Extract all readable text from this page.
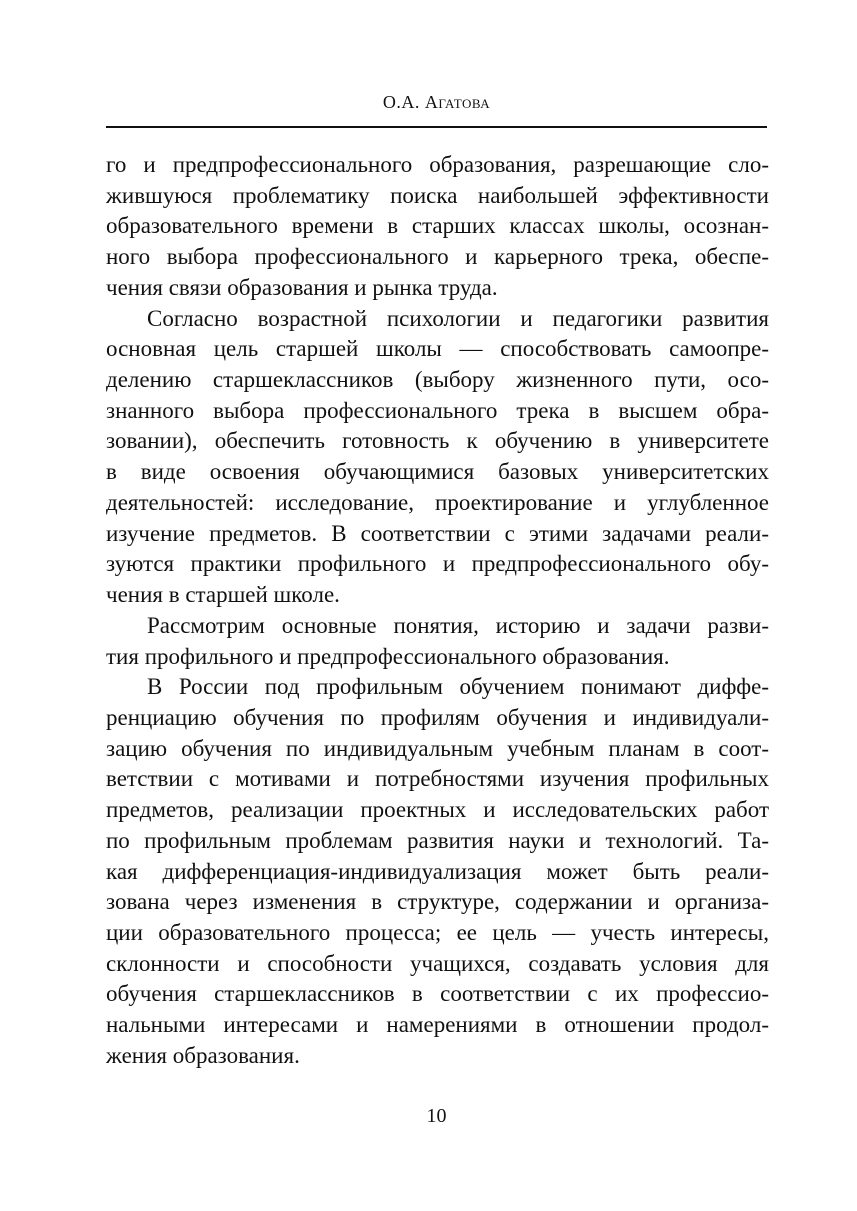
О.А. Агатова
го и предпрофессионального образования, разрешающие сло-
жившуюся проблематику поиска наибольшей эффективности
образовательного времени в старших классах школы, осознан-
ного выбора профессионального и карьерного трека, обеспе-
чения связи образования и рынка труда.
Согласно возрастной психологии и педагогики развития
основная цель старшей школы — способствовать самоопре-
делению старшеклассников (выбору жизненного пути, осо-
знанного выбора профессионального трека в высшем обра-
зовании), обеспечить готовность к обучению в университете
в виде освоения обучающимися базовых университетских
деятельностей: исследование, проектирование и углубленное
изучение предметов. В соответствии с этими задачами реали-
зуются практики профильного и предпрофессионального обу-
чения в старшей школе.
Рассмотрим основные понятия, историю и задачи разви-
тия профильного и предпрофессионального образования.
В России под профильным обучением понимают диффе-
ренциацию обучения по профилям обучения и индивидуали-
зацию обучения по индивидуальным учебным планам в соот-
ветствии с мотивами и потребностями изучения профильных
предметов, реализации проектных и исследовательских работ
по профильным проблемам развития науки и технологий. Та-
кая дифференциация-индивидуализация может быть реали-
зована через изменения в структуре, содержании и организа-
ции образовательного процесса; ее цель — учесть интересы,
склонности и способности учащихся, создавать условия для
обучения старшеклассников в соответствии с их профессио-
нальными интересами и намерениями в отношении продол-
жения образования.
10
